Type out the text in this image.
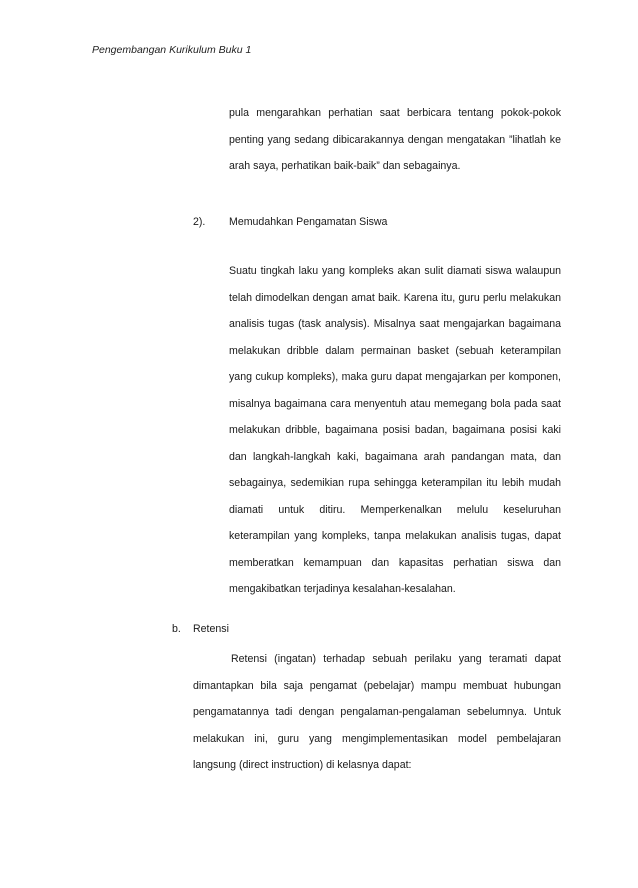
Pengembangan Kurikulum Buku 1

pula mengarahkan perhatian saat berbicara tentang pokok-pokok penting yang sedang dibicarakannya dengan mengatakan ”lihatlah ke arah saya, perhatikan baik-baik” dan sebagainya.

2). Memudahkan Pengamatan Siswa

Suatu tingkah laku yang kompleks akan sulit diamati siswa walaupun telah dimodelkan dengan amat baik. Karena itu, guru perlu melakukan analisis tugas (task analysis). Misalnya saat mengajarkan bagaimana melakukan dribble dalam permainan basket (sebuah keterampilan yang cukup kompleks), maka guru dapat mengajarkan per komponen, misalnya bagaimana cara menyentuh atau memegang bola pada saat melakukan dribble, bagaimana posisi badan, bagaimana posisi kaki dan langkah-langkah kaki, bagaimana arah pandangan mata, dan sebagainya, sedemikian rupa sehingga keterampilan itu lebih mudah diamati untuk ditiru. Memperkenalkan melulu keseluruhan keterampilan yang kompleks, tanpa melakukan analisis tugas, dapat memberatkan kemampuan dan kapasitas perhatian siswa dan mengakibatkan terjadinya kesalahan-kesalahan.

b. Retensi

Retensi (ingatan) terhadap sebuah perilaku yang teramati dapat dimantapkan bila saja pengamat (pebelajar) mampu membuat hubungan pengamatannya tadi dengan pengalaman-pengalaman sebelumnya. Untuk melakukan ini, guru yang mengimplementasikan model pembelajaran langsung (direct instruction) di kelasnya dapat:
